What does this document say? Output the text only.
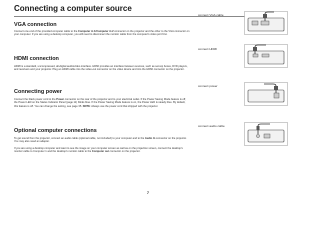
Connecting a computer source
VGA connection

Connect one end of the provided computer cable to the Computer in 1/Computer in 2 connector on the projector and the other to the VGA connector on your computer. If you are using a desktop computer, you will need to disconnect the monitor cable from the computer's video port first.

HDMI connection

HDMI is a standard, uncompressed, all-digital audio/video interface. HDMI provides an interface between sources, such as set-top boxes, DVD players, and receivers and your projector. Plug an HDMI cable into the video-out connector on the video device and into the HDMI connector on the projector.

Connecting power

Connect the black power cord to the Power connector on the rear of the projector and to your electrical outlet. If the Power Saving Mode feature is off, the Power LED on the Status Indicator Panel (page 11) blinks blue. If the Power Saving Mode feature is on, the Power LED is steady blue. By default, this feature is off. You can change the setting, see page 35. NOTE: Always use the power cord that shipped with the projector.

Optional computer connections

To get sound from the projector, connect an audio cable (optional cable, not included) to your computer and to the Audio In connector on the projector. You may also need an adapter.

If you are using a desktop computer and want to see the image on your computer screen as well as on the projection screen, connect the desktop's monitor cable to Computer 1 and the desktop's monitor cable to the Computer out connector on the projector.

connect VGA cable
connect HDMI
connect power
connect audio cable
7
